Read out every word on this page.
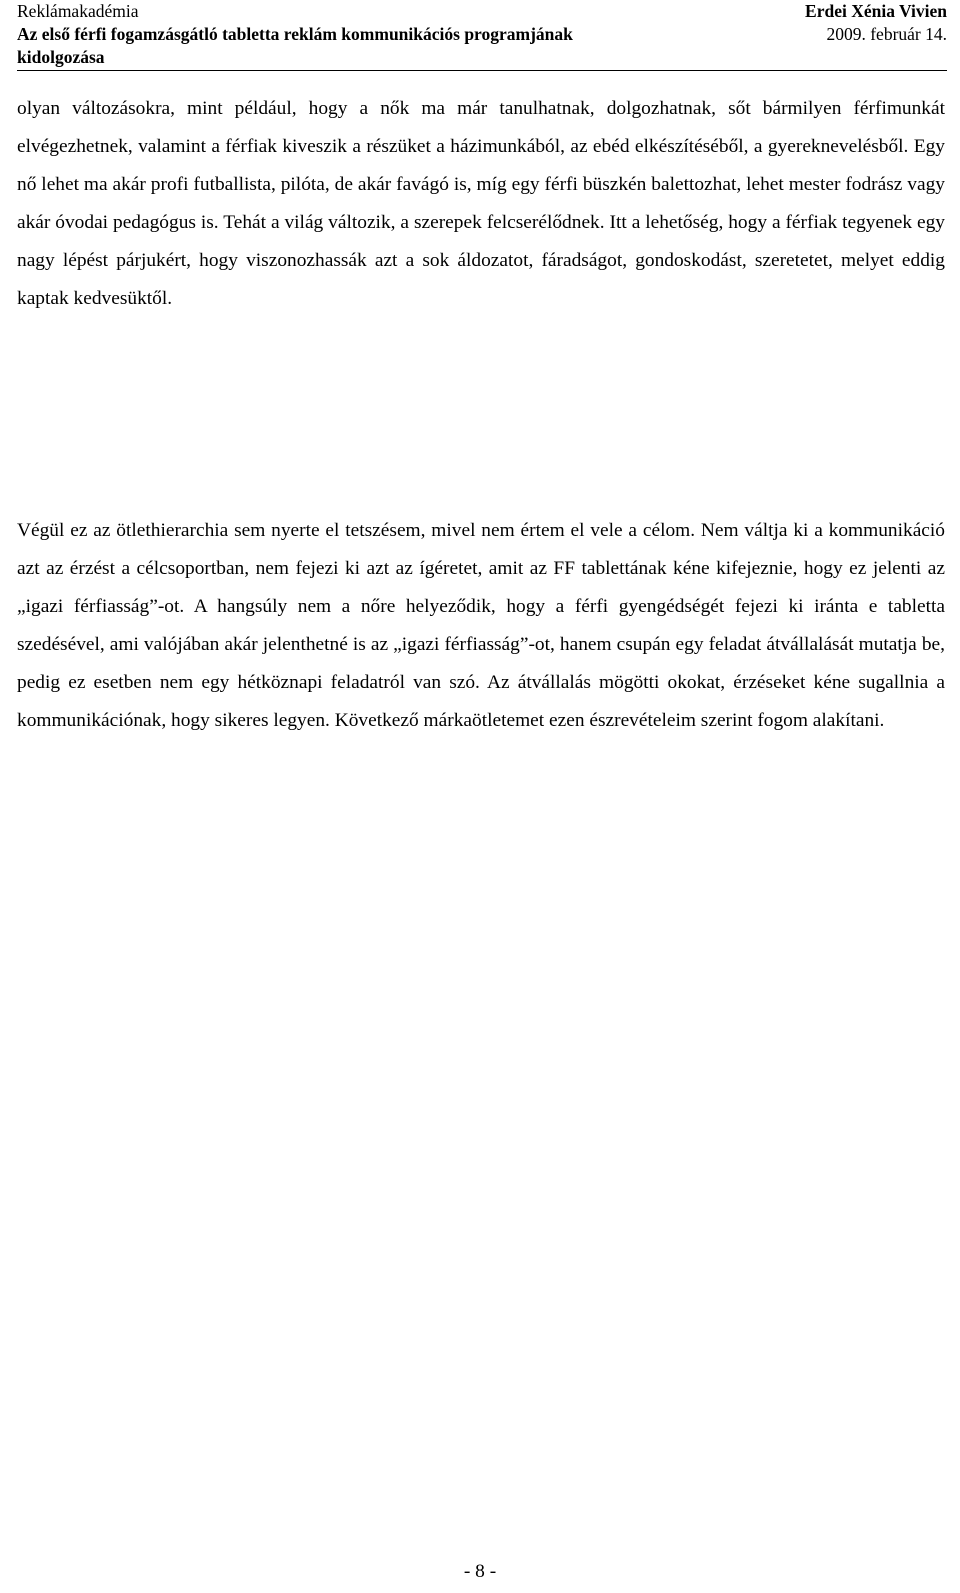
Reklámakadémia
Az első férfi fogamzásgátló tabletta reklám kommunikációs programjának
kidolgozása
Erdei Xénia Vivien
2009. február 14.

olyan változásokra, mint például, hogy a nők ma már tanulhatnak, dolgozhatnak, sőt bármilyen férfimunkát elvégezhetnek, valamint a férfiak kiveszik a részüket a házimunkából, az ebéd elkészítéséből, a gyereknevelésből. Egy nő lehet ma akár profi futballista, pilóta, de akár favágó is, míg egy férfi büszkén balettozhat, lehet mester fodrász vagy akár óvodai pedagógus is. Tehát a világ változik, a szerepek felcserélődnek. Itt a lehetőség, hogy a férfiak tegyenek egy nagy lépést párjukért, hogy viszonozhassák azt a sok áldozatot, fáradságot, gondoskodást, szeretetet, melyet eddig kaptak kedvesüktől.

Végül ez az ötlethierarchia sem nyerte el tetszésem, mivel nem értem el vele a célom. Nem váltja ki a kommunikáció azt az érzést a célcsoportban, nem fejezi ki azt az ígéretet, amit az FF tablettának kéne kifejeznie, hogy ez jelenti az „igazi férfiasság”-ot. A hangsúly nem a nőre helyeződik, hogy a férfi gyengédségét fejezi ki iránta e tabletta szedésével, ami valójában akár jelenthetné is az „igazi férfiasság”-ot, hanem csupán egy feladat átvállalását mutatja be, pedig ez esetben nem egy hétköznapi feladatról van szó. Az átvállalás mögötti okokat, érzéseket kéne sugallnia a kommunikációnak, hogy sikeres legyen. Következő márkaötletemet ezen észrevételeim szerint fogom alakítani.

- 8 -
